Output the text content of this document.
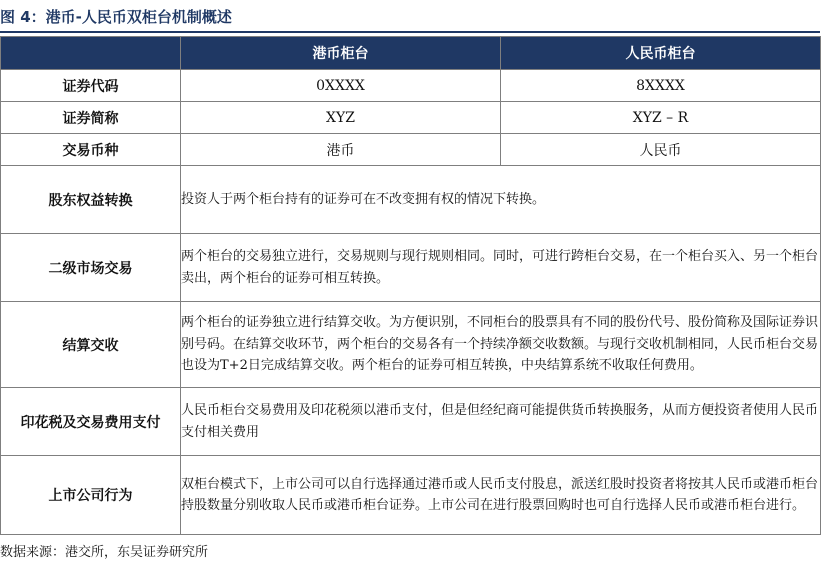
图 4：港币-人民币双柜台机制概述
	港币柜台	人民币柜台
证券代码	0XXXX	8XXXX
证券简称	XYZ	XYZ – R
交易币种	港币	人民币
股东权益转换	投资人于两个柜台持有的证券可在不改变拥有权的情况下转换。	
二级市场交易	两个柜台的交易独立进行，交易规则与现行规则相同。同时，可进行跨柜台交易，在一个柜台买入、另一个柜台卖出，两个柜台的证券可相互转换。	
结算交收	两个柜台的证券独立进行结算交收。为方便识别，不同柜台的股票具有不同的股份代号、股份简称及国际证券识别号码。在结算交收环节，两个柜台的交易各有一个持续净额交收数额。与现行交收机制相同，人民币柜台交易也设为T+2日完成结算交收。两个柜台的证券可相互转换，中央结算系统不收取任何费用。	
印花税及交易费用支付	人民币柜台交易费用及印花税须以港币支付，但是但经纪商可能提供货币转换服务，从而方便投资者使用人民币支付相关费用	
上市公司行为	双柜台模式下，上市公司可以自行选择通过港币或人民币支付股息，派送红股时投资者将按其人民币或港币柜台持股数量分别收取人民币或港币柜台证券。上市公司在进行股票回购时也可自行选择人民币或港币柜台进行。	
数据来源：港交所，东吴证券研究所
